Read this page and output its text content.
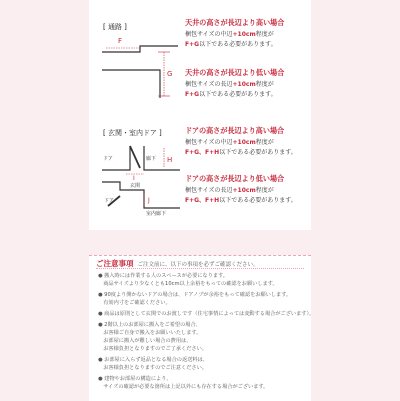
[ 通路 ]
F
G
天井の高さが長辺より高い場合
梱包サイズの中辺+10cm程度が
F+G以下である必要があります。
天井の高さが長辺より低い場合
梱包サイズの長辺+10cm程度が
F+G以下である必要があります。
[ 玄関・室内ドア ]
ドア	廊下 H
I
玄関
ドア	J
室内廊下
ドアの高さが長辺より高い場合
梱包サイズの中辺+10cm程度が
F+G、F+H以下である必要があります。
ドアの高さが長辺より低い場合
梱包サイズの長辺+10cm程度が
F+G、F+H以下である必要があります。
ご注意事項 ご注文前に、以下の事項を必ずご確認ください。
● 搬入時には作業する人のスペースが必要になります。
　商品サイズより少なくとも10cm以上余裕をもっての確認をお願いします。
● 90度より開かないドアの場合は、ドアノブが余裕をもって確認をお願いします。
　有効内寸をご確認ください。
● 商品は原則として玄関でのお渡しです（住宅事情によっては変動する場合がございます）。
● 2階以上のお部屋に搬入をご希望の場合、
　お客様ご自身で搬入をお願いいたします。
　お部屋に搬入が難しい場合の費用は、
　お客様負担となりますのでご了承ください。
● お部屋に入らず返品となる場合の返送料は、
　お客様負担となりますのでご注意ください。
● 建物やお部屋の構造により、
　サイズの確認が必要な箇所は上記以外にも存在する場合がございます。
